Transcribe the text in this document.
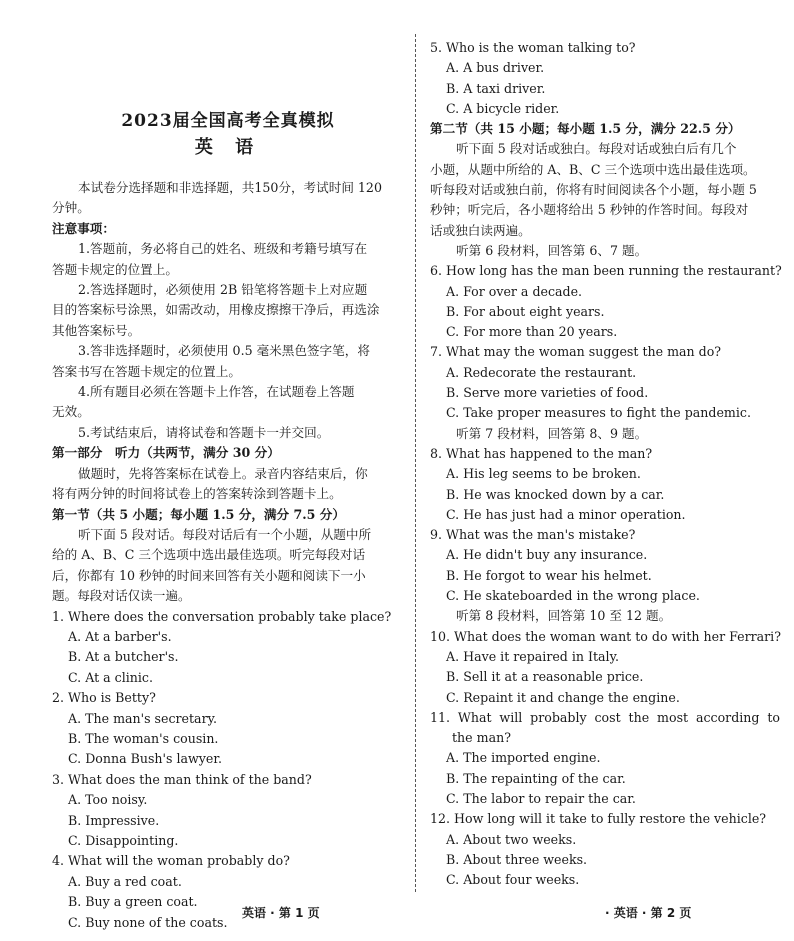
2023届全国高考全真模拟
英 语
本试卷分选择题和非选择题，共150分，考试时间 120
分钟。
注意事项：
1.答题前，务必将自己的姓名、班级和考籍号填写在
答题卡规定的位置上。
2.答选择题时，必须使用 2B 铅笔将答题卡上对应题
目的答案标号涂黑，如需改动，用橡皮擦擦干净后，再选涂
其他答案标号。
3.答非选择题时，必须使用 0.5 毫米黑色签字笔，将
答案书写在答题卡规定的位置上。
4.所有题目必须在答题卡上作答，在试题卷上答题
无效。
5.考试结束后，请将试卷和答题卡一并交回。
第一部分　听力（共两节，满分 30 分）
做题时，先将答案标在试卷上。录音内容结束后，你
将有两分钟的时间将试卷上的答案转涂到答题卡上。
第一节（共 5 小题；每小题 1.5 分，满分 7.5 分）
听下面 5 段对话。每段对话后有一个小题，从题中所
给的 A、B、C 三个选项中选出最佳选项。听完每段对话
后，你都有 10 秒钟的时间来回答有关小题和阅读下一小
题。每段对话仅读一遍。
1. Where does the conversation probably take place?
A. At a barber's.
B. At a butcher's.
C. At a clinic.
2. Who is Betty?
A. The man's secretary.
B. The woman's cousin.
C. Donna Bush's lawyer.
3. What does the man think of the band?
A. Too noisy.
B. Impressive.
C. Disappointing.
4. What will the woman probably do?
A. Buy a red coat.
B. Buy a green coat.
C. Buy none of the coats.
英语 · 第 1 页
5. Who is the woman talking to?
A. A bus driver.
B. A taxi driver.
C. A bicycle rider.
第二节（共 15 小题；每小题 1.5 分，满分 22.5 分）
听下面 5 段对话或独白。每段对话或独白后有几个
小题，从题中所给的 A、B、C 三个选项中选出最佳选项。
听每段对话或独白前，你将有时间阅读各个小题，每小题 5
秒钟；听完后，各小题将给出 5 秒钟的作答时间。每段对
话或独白读两遍。
听第 6 段材料，回答第 6、7 题。
6. How long has the man been running the restaurant?
A. For over a decade.
B. For about eight years.
C. For more than 20 years.
7. What may the woman suggest the man do?
A. Redecorate the restaurant.
B. Serve more varieties of food.
C. Take proper measures to fight the pandemic.
听第 7 段材料，回答第 8、9 题。
8. What has happened to the man?
A. His leg seems to be broken.
B. He was knocked down by a car.
C. He has just had a minor operation.
9. What was the man's mistake?
A. He didn't buy any insurance.
B. He forgot to wear his helmet.
C. He skateboarded in the wrong place.
听第 8 段材料，回答第 10 至 12 题。
10. What does the woman want to do with her Ferrari?
A. Have it repaired in Italy.
B. Sell it at a reasonable price.
C. Repaint it and change the engine.
11. What will probably cost the most according to
the man?
A. The imported engine.
B. The repainting of the car.
C. The labor to repair the car.
12. How long will it take to fully restore the vehicle?
A. About two weeks.
B. About three weeks.
C. About four weeks.
· 英语 · 第 2 页
